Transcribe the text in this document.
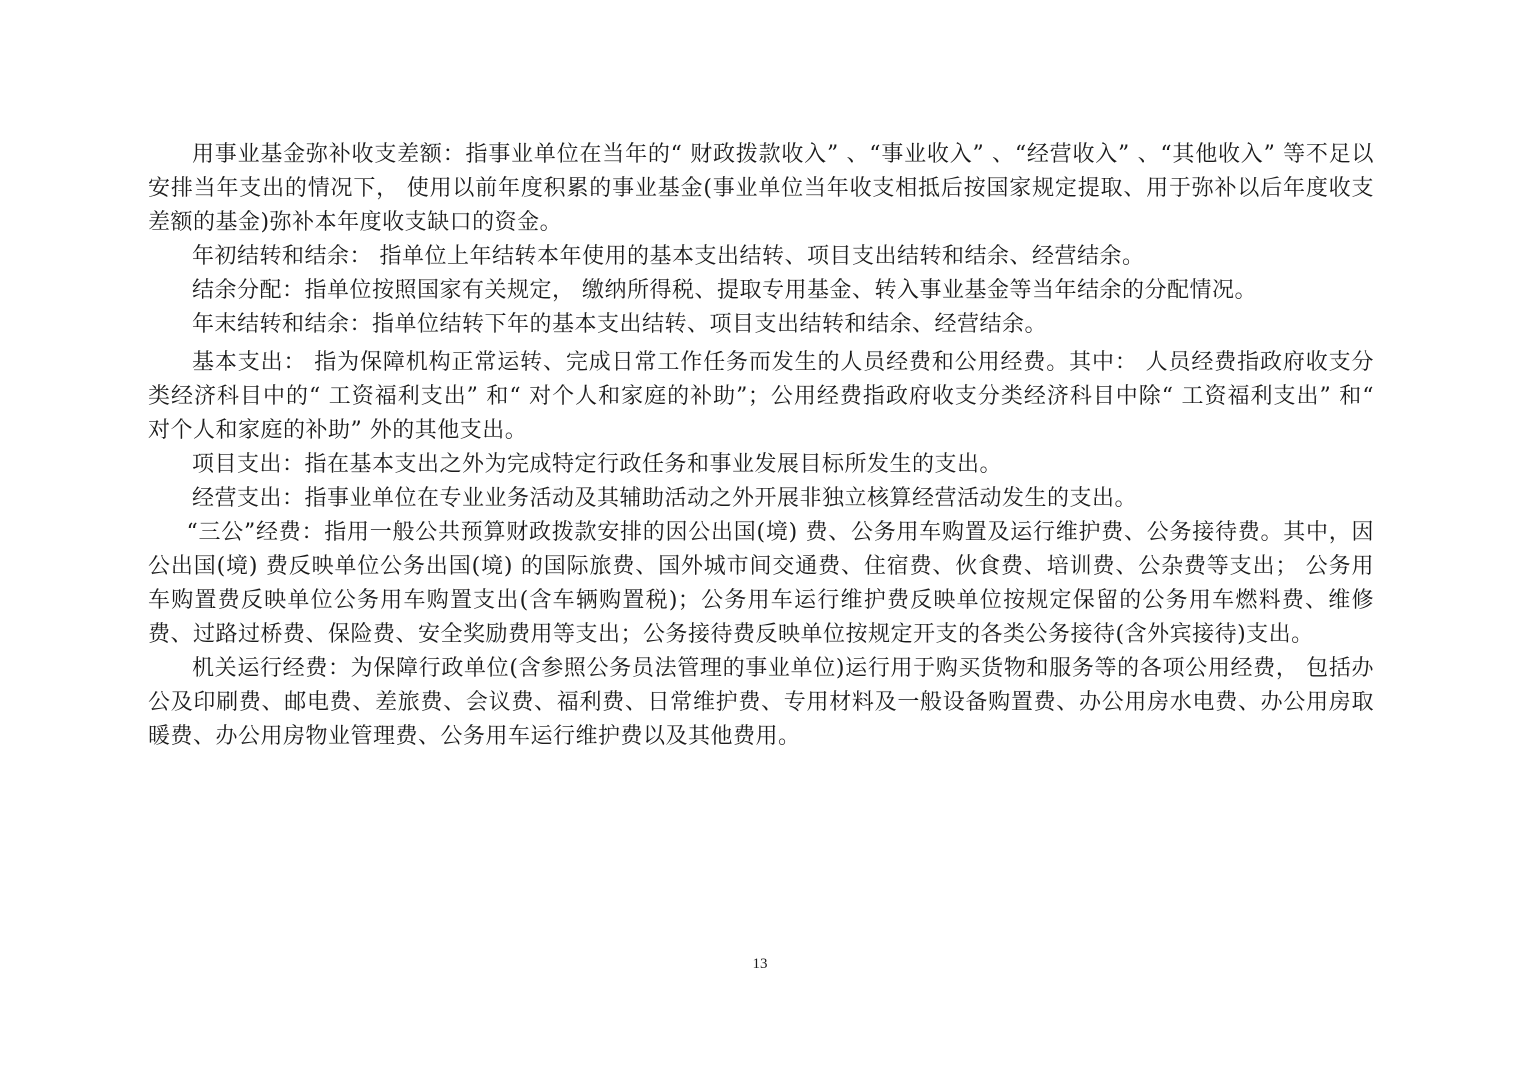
用事业基金弥补收支差额：指事业单位在当年的“ 财政拨款收入” 、“事业收入” 、“经营收入” 、“其他收入” 等不足以安排当年支出的情况下， 使用以前年度积累的事业基金(事业单位当年收支相抵后按国家规定提取、用于弥补以后年度收支差额的基金)弥补本年度收支缺口的资金。

年初结转和结余： 指单位上年结转本年使用的基本支出结转、项目支出结转和结余、经营结余。

结余分配：指单位按照国家有关规定， 缴纳所得税、提取专用基金、转入事业基金等当年结余的分配情况。

年末结转和结余：指单位结转下年的基本支出结转、项目支出结转和结余、经营结余。

基本支出： 指为保障机构正常运转、完成日常工作任务而发生的人员经费和公用经费。其中： 人员经费指政府收支分类经济科目中的“ 工资福利支出” 和“ 对个人和家庭的补助”；公用经费指政府收支分类经济科目中除“ 工资福利支出” 和“ 对个人和家庭的补助” 外的其他支出。

项目支出：指在基本支出之外为完成特定行政任务和事业发展目标所发生的支出。

经营支出：指事业单位在专业业务活动及其辅助活动之外开展非独立核算经营活动发生的支出。

“三公”经费：指用一般公共预算财政拨款安排的因公出国(境) 费、公务用车购置及运行维护费、公务接待费。其中，因公出国(境) 费反映单位公务出国(境) 的国际旅费、国外城市间交通费、住宿费、伙食费、培训费、公杂费等支出； 公务用车购置费反映单位公务用车购置支出(含车辆购置税)；公务用车运行维护费反映单位按规定保留的公务用车燃料费、维修费、过路过桥费、保险费、安全奖励费用等支出；公务接待费反映单位按规定开支的各类公务接待(含外宾接待)支出。

机关运行经费：为保障行政单位(含参照公务员法管理的事业单位)运行用于购买货物和服务等的各项公用经费， 包括办公及印刷费、邮电费、差旅费、会议费、福利费、日常维护费、专用材料及一般设备购置费、办公用房水电费、办公用房取暖费、办公用房物业管理费、公务用车运行维护费以及其他费用。

13
